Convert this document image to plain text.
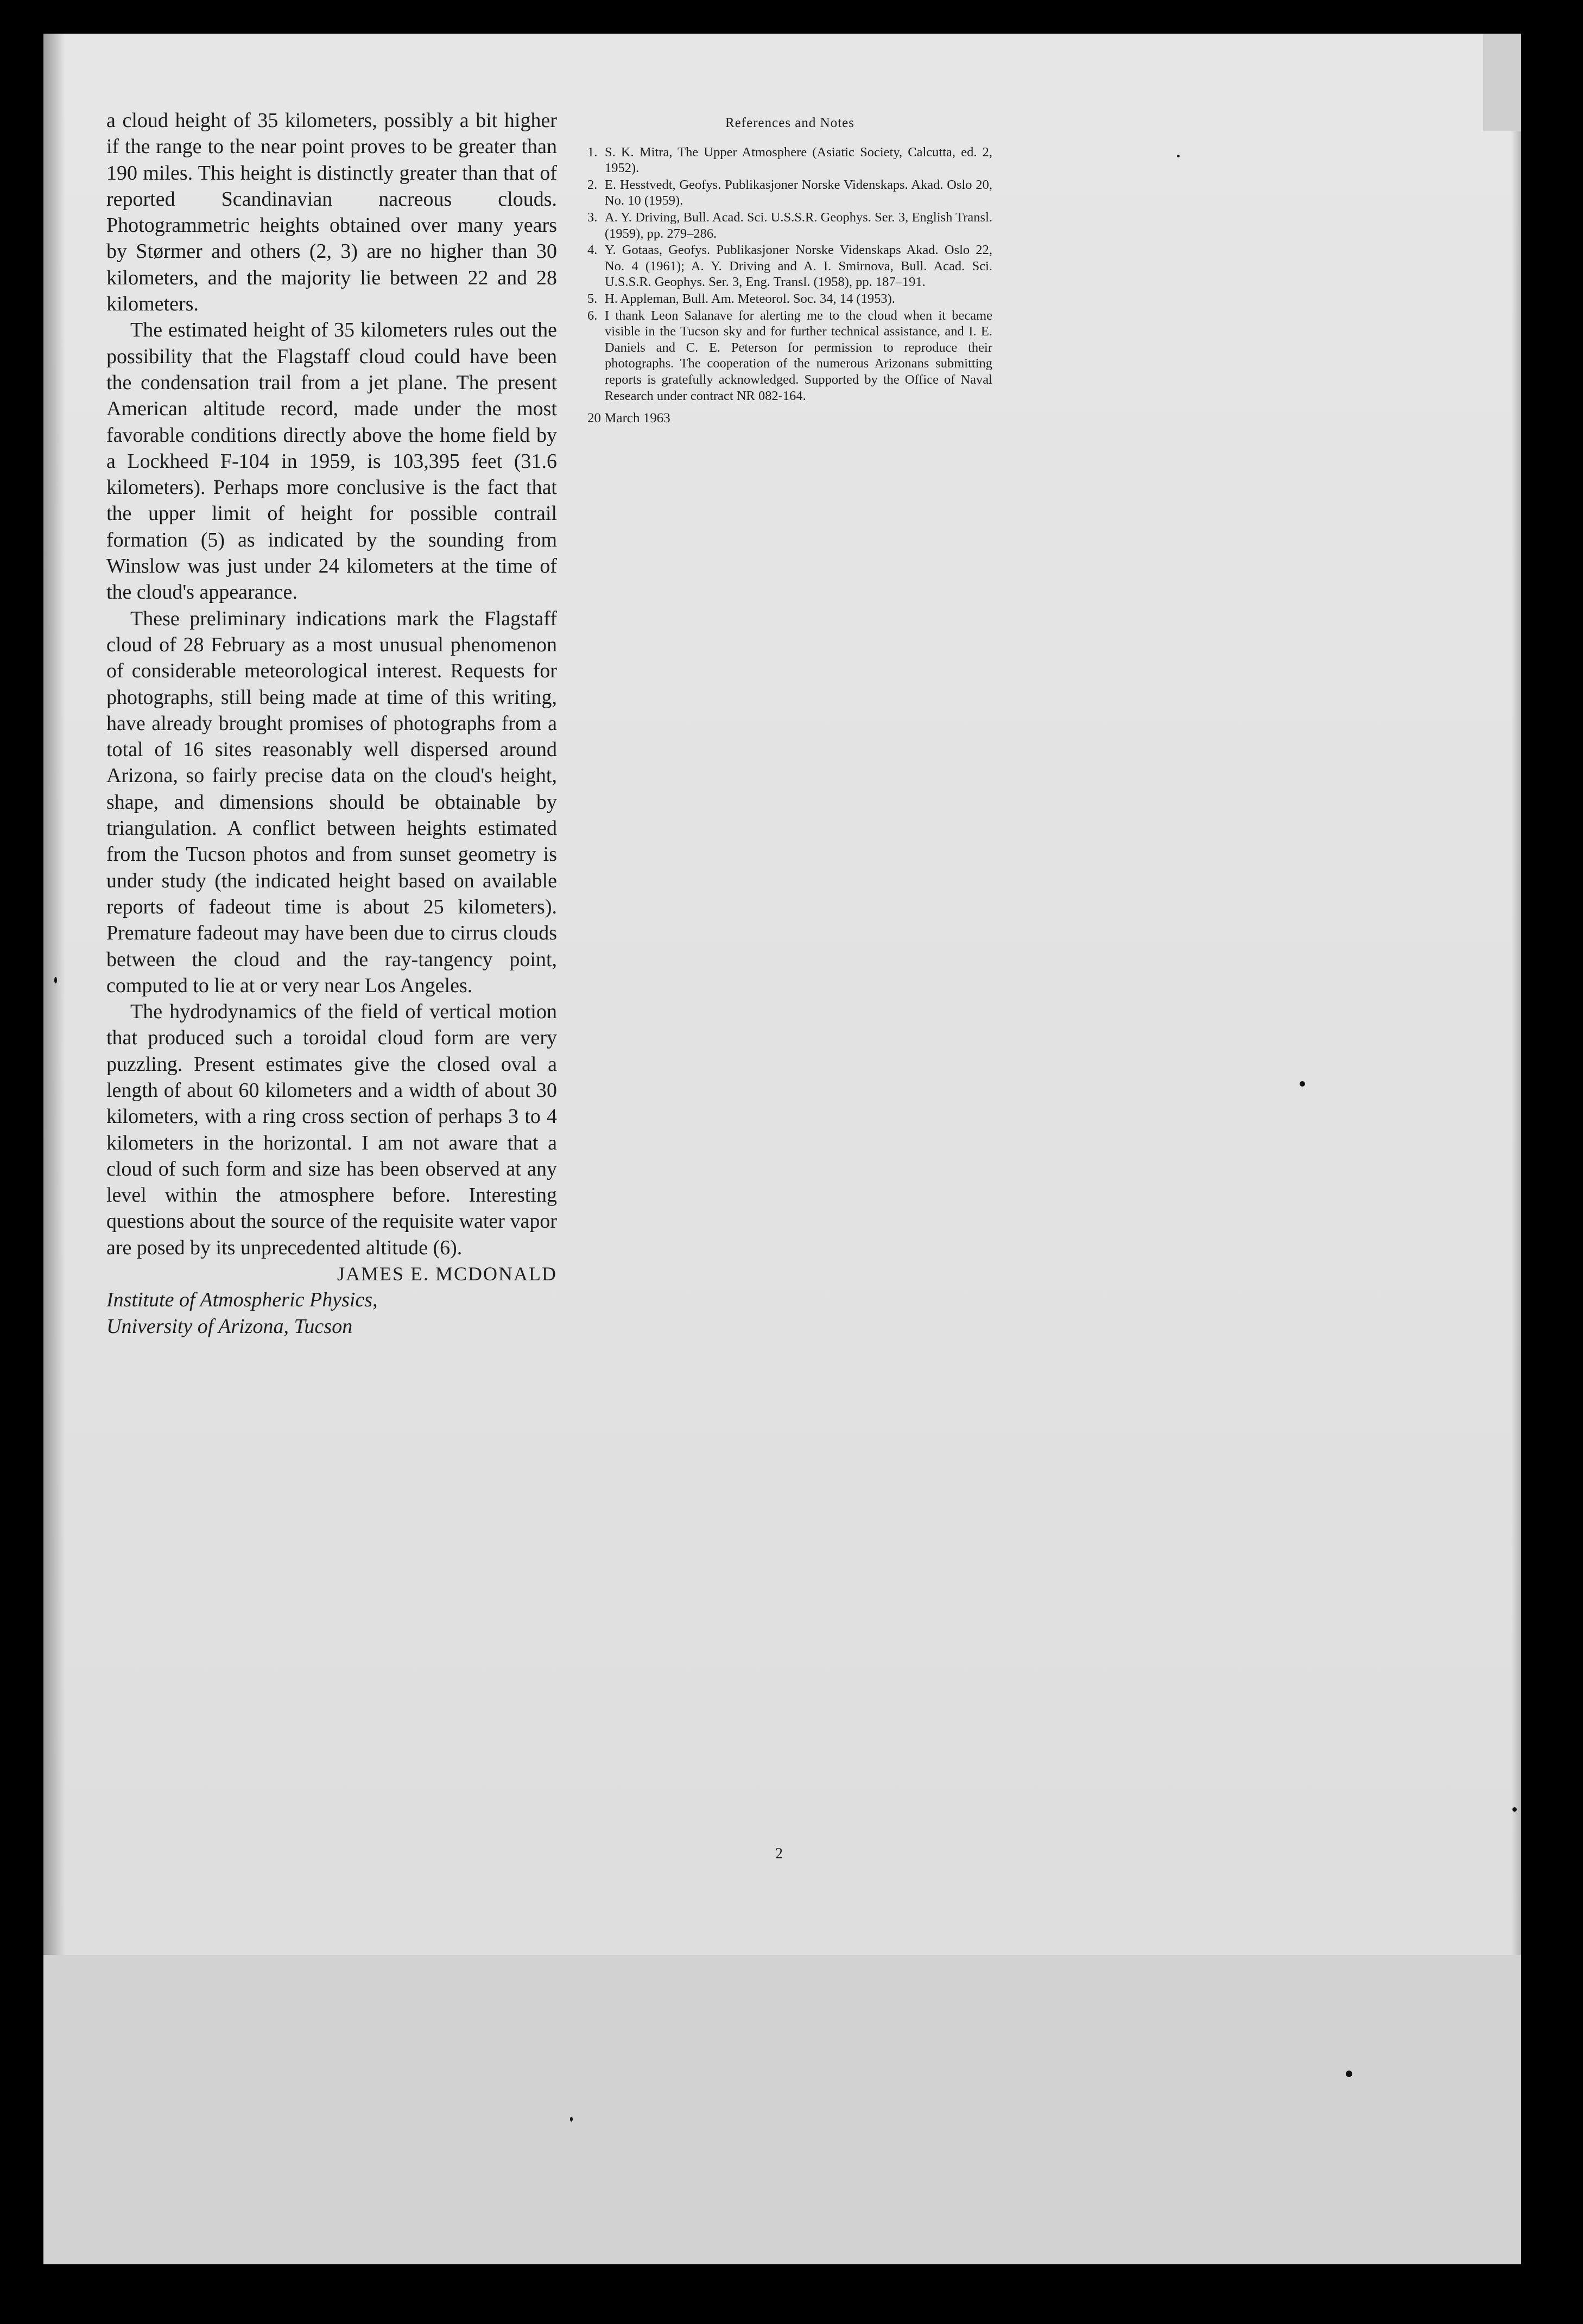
a cloud height of 35 kilometers, possibly a bit higher if the range to the near point proves to be greater than 190 miles. This height is distinctly greater than that of reported Scandinavian nacreous clouds. Photogrammetric heights obtained over many years by Størmer and others (2, 3) are no higher than 30 kilometers, and the majority lie between 22 and 28 kilometers.

The estimated height of 35 kilometers rules out the possibility that the Flagstaff cloud could have been the condensation trail from a jet plane. The present American altitude record, made under the most favorable conditions directly above the home field by a Lockheed F-104 in 1959, is 103,395 feet (31.6 kilometers). Perhaps more conclusive is the fact that the upper limit of height for possible contrail formation (5) as indicated by the sounding from Winslow was just under 24 kilometers at the time of the cloud's appearance.

These preliminary indications mark the Flagstaff cloud of 28 February as a most unusual phenomenon of considerable meteorological interest. Requests for photographs, still being made at time of this writing, have already brought promises of photographs from a total of 16 sites reasonably well dispersed around Arizona, so fairly precise data on the cloud's height, shape, and dimensions should be obtainable by triangulation. A conflict between heights estimated from the Tucson photos and from sunset geometry is under study (the indicated height based on available reports of fadeout time is about 25 kilometers). Premature fadeout may have been due to cirrus clouds between the cloud and the ray-tangency point, computed to lie at or very near Los Angeles.

The hydrodynamics of the field of vertical motion that produced such a toroidal cloud form are very puzzling. Present estimates give the closed oval a length of about 60 kilometers and a width of about 30 kilometers, with a ring cross section of perhaps 3 to 4 kilometers in the horizontal. I am not aware that a cloud of such form and size has been observed at any level within the atmosphere before. Interesting questions about the source of the requisite water vapor are posed by its unprecedented altitude (6).

JAMES E. MCDONALD

Institute of Atmospheric Physics,

University of Arizona, Tucson

References and Notes
1. S. K. Mitra, The Upper Atmosphere (Asiatic Society, Calcutta, ed. 2, 1952).
2. E. Hesstvedt, Geofys. Publikasjoner Norske Videnskaps. Akad. Oslo 20, No. 10 (1959).
3. A. Y. Driving, Bull. Acad. Sci. U.S.S.R. Geophys. Ser. 3, English Transl. (1959), pp. 279–286.
4. Y. Gotaas, Geofys. Publikasjoner Norske Videnskaps Akad. Oslo 22, No. 4 (1961); A. Y. Driving and A. I. Smirnova, Bull. Acad. Sci. U.S.S.R. Geophys. Ser. 3, Eng. Transl. (1958), pp. 187–191.
5. H. Appleman, Bull. Am. Meteorol. Soc. 34, 14 (1953).
6. I thank Leon Salanave for alerting me to the cloud when it became visible in the Tucson sky and for further technical assistance, and I. E. Daniels and C. E. Peterson for permission to reproduce their photographs. The cooperation of the numerous Arizonans submitting reports is gratefully acknowledged. Supported by the Office of Naval Research under contract NR 082-164.
20 March 1963
2
